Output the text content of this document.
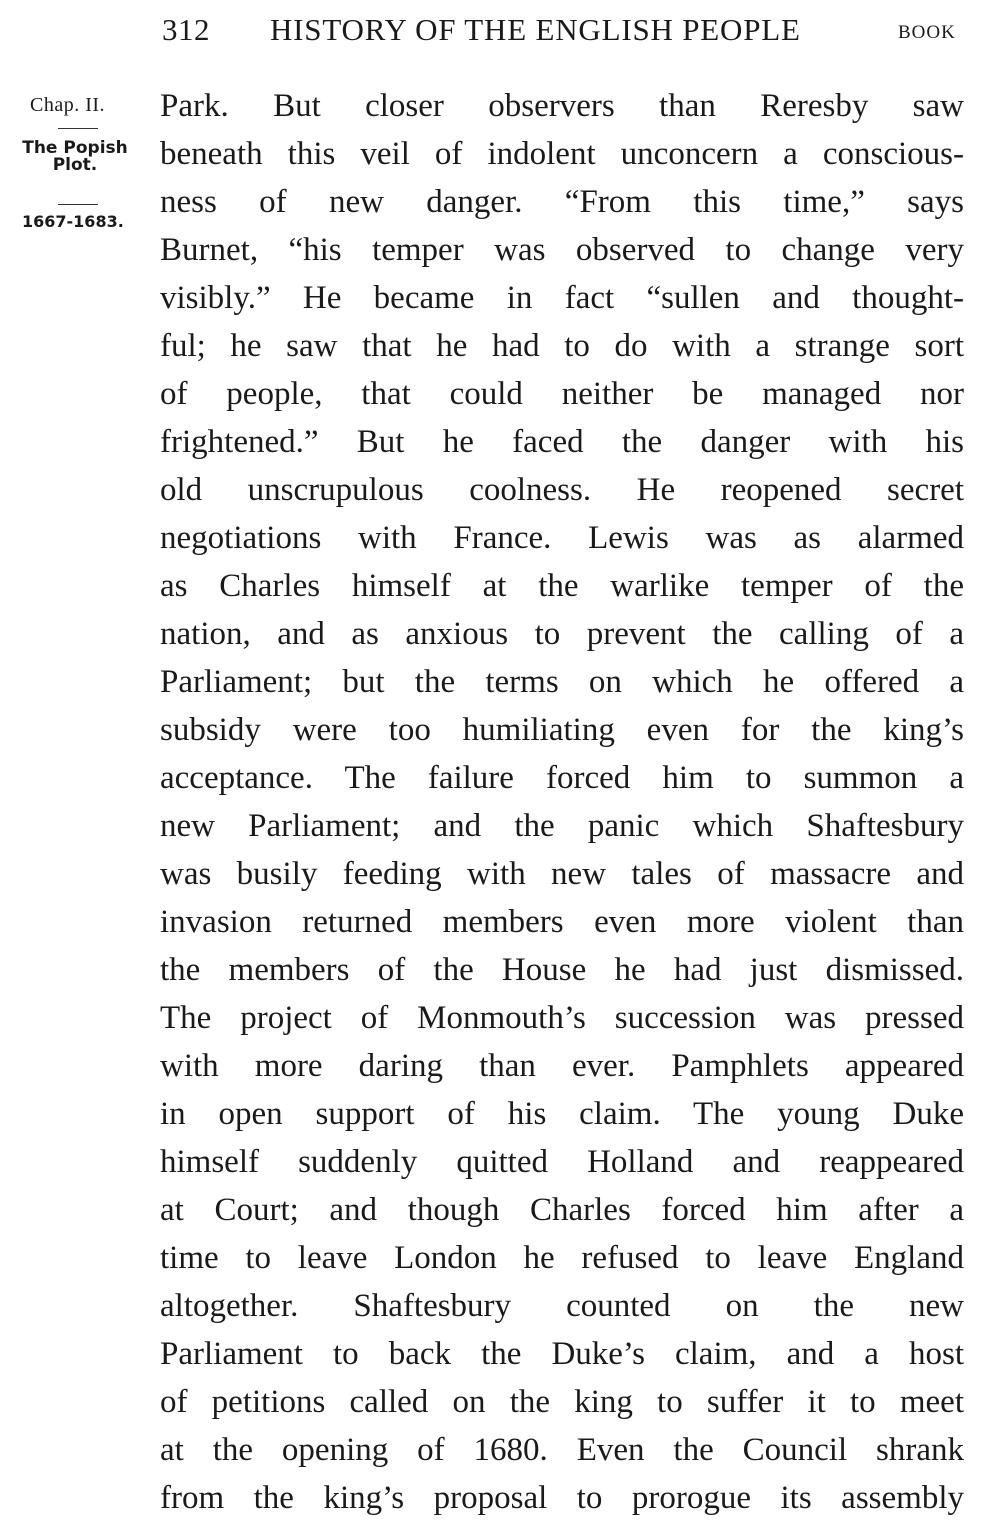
312 HISTORY OF THE ENGLISH PEOPLE	BOOK
Chap. II.
The Popish Plot.
1667-1683.
Park. But closer observers than Reresby saw
beneath this veil of indolent unconcern a conscious-
ness of new danger. “From this time,” says
Burnet, “his temper was observed to change very
visibly.” He became in fact “sullen and thought-
ful; he saw that he had to do with a strange sort
of people, that could neither be managed nor
frightened.” But he faced the danger with his
old unscrupulous coolness. He reopened secret
negotiations with France. Lewis was as alarmed
as Charles himself at the warlike temper of the
nation, and as anxious to prevent the calling of a
Parliament; but the terms on which he offered a
subsidy were too humiliating even for the king’s
acceptance. The failure forced him to summon a
new Parliament; and the panic which Shaftesbury
was busily feeding with new tales of massacre and
invasion returned members even more violent than
the members of the House he had just dismissed.
The project of Monmouth’s succession was pressed
with more daring than ever. Pamphlets appeared
in open support of his claim. The young Duke
himself suddenly quitted Holland and reappeared
at Court; and though Charles forced him after a
time to leave London he refused to leave England
altogether. Shaftesbury counted on the new
Parliament to back the Duke’s claim, and a host
of petitions called on the king to suffer it to meet
at the opening of 1680. Even the Council shrank
from the king’s proposal to prorogue its assembly
